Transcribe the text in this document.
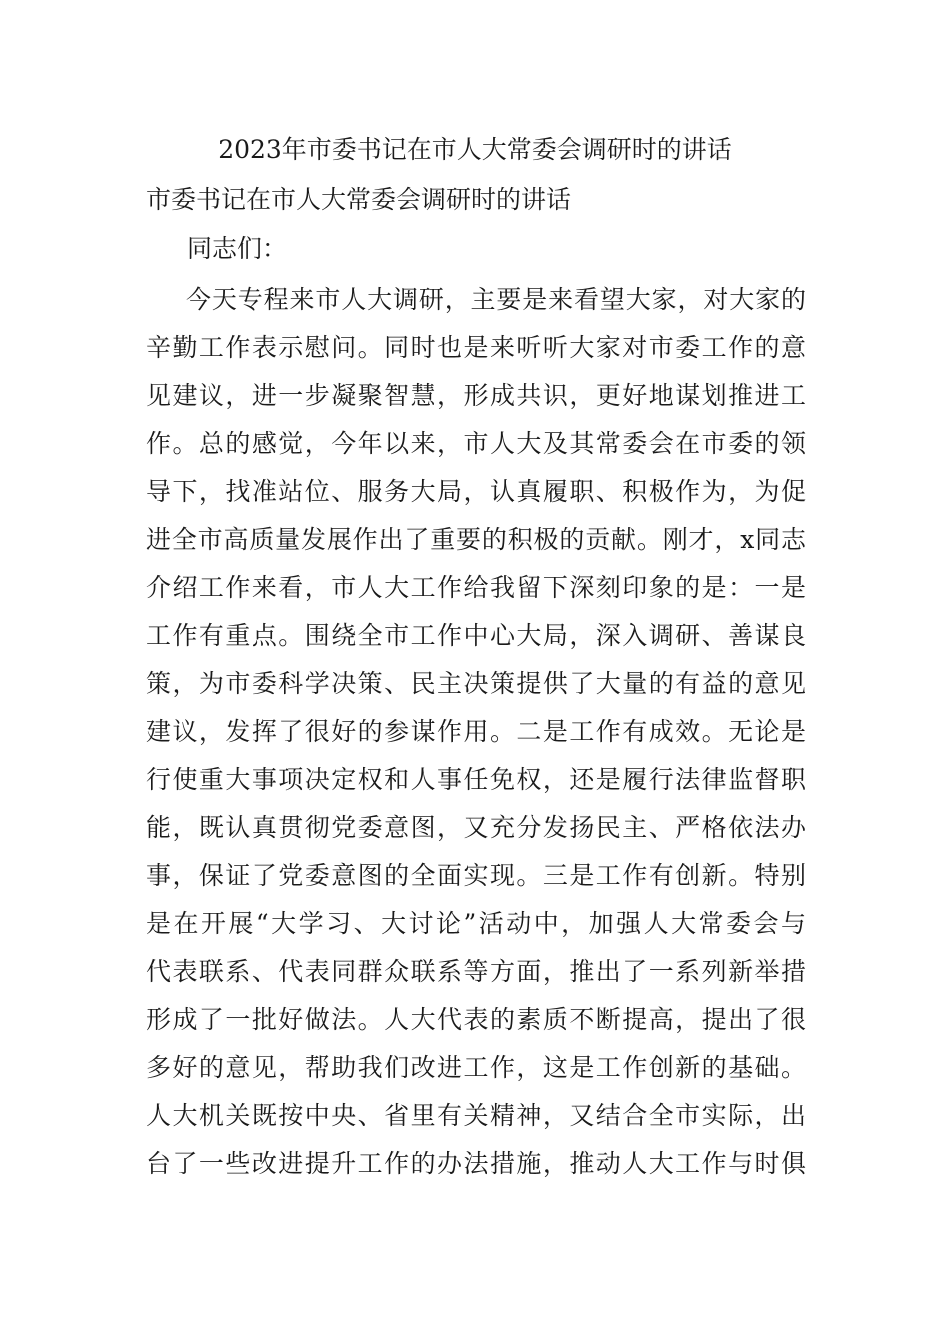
2023年市委书记在市人大常委会调研时的讲话
市委书记在市人大常委会调研时的讲话
同志们：
今天专程来市人大调研，主要是来看望大家，对大家的
辛勤工作表示慰问。同时也是来听听大家对市委工作的意
见建议，进一步凝聚智慧，形成共识，更好地谋划推进工
作。总的感觉，今年以来，市人大及其常委会在市委的领
导下，找准站位、服务大局，认真履职、积极作为，为促
进全市高质量发展作出了重要的积极的贡献。刚才，x同志
介绍工作来看，市人大工作给我留下深刻印象的是：一是
工作有重点。围绕全市工作中心大局，深入调研、善谋良
策，为市委科学决策、民主决策提供了大量的有益的意见
建议，发挥了很好的参谋作用。二是工作有成效。无论是
行使重大事项决定权和人事任免权，还是履行法律监督职
能，既认真贯彻党委意图，又充分发扬民主、严格依法办
事，保证了党委意图的全面实现。三是工作有创新。特别
是在开展“大学习、大讨论”活动中，加强人大常委会与
代表联系、代表同群众联系等方面，推出了一系列新举措
形成了一批好做法。人大代表的素质不断提高，提出了很
多好的意见，帮助我们改进工作，这是工作创新的基础。
人大机关既按中央、省里有关精神，又结合全市实际，出
台了一些改进提升工作的办法措施，推动人大工作与时俱
